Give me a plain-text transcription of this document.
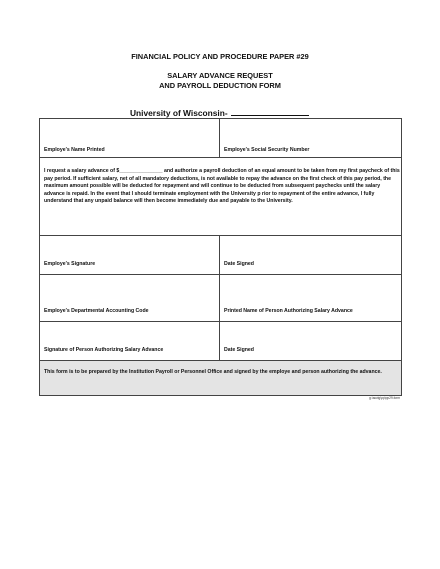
FINANCIAL POLICY AND PROCEDURE PAPER #29
SALARY ADVANCE REQUEST
AND PAYROLL DEDUCTION FORM
University of Wisconsin-
Employe's Name Printed	Employe's Social Security Number
I request a salary advance of $_______________ and authorize a payroll deduction of an equal amount to be taken from my first paycheck of this pay period. If sufficient salary, net of all mandatory deductions, is not available to repay the advance on the first check of this pay period, the maximum amount possible will be deducted for repayment and will continue to be deducted from subsequent paychecks until the salary advance is repaid. In the event that I should terminate employment with the University p rior to repayment of the entire advance, I fully understand that any unpaid balance will then become immediately due and payable to the University.
Employe's Signature	Date Signed
Employe's Departmental Accounting Code	Printed Name of Person Authorizing Salary Advance
Signature of Person Authorizing Salary Advance	Date Signed
This form is to be prepared by the Institution Payroll or Personnel Office and signed by the employe and person authorizing the advance.
g:\acctg\pp\pp29.form
